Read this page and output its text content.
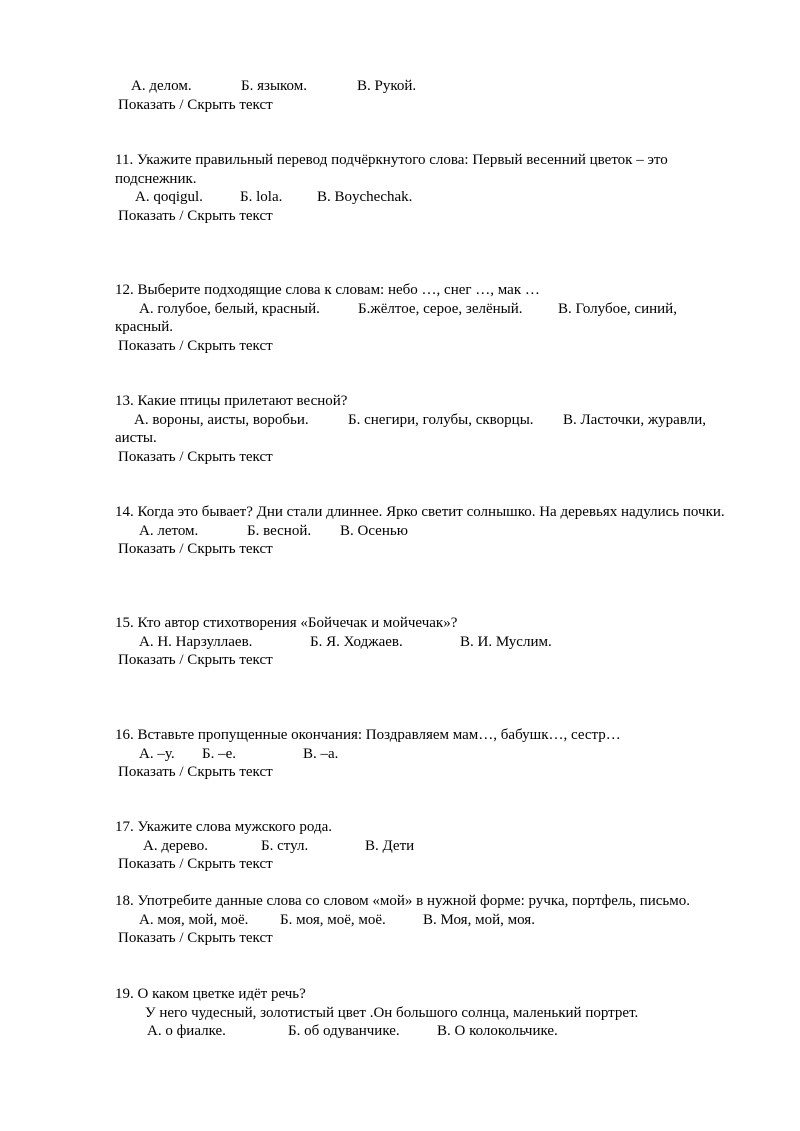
А. делом.	Б. языком.	В. Рукой.
Показать / Скрыть текст

11. Укажите правильный перевод подчёркнутого слова: Первый весенний цветок – это подснежник.

А. qoqigul. Б. lola. В. Boychechak.
Показать / Скрыть текст

12. Выберите подходящие слова к словам: небо …, снег …, мак …

А. голубое, белый, красный.	Б.жёлтое, серое, зелёный. В. Голубое, синий,

красный.

Показать / Скрыть текст

13. Какие птицы прилетают весной?

А. вороны, аисты, воробьи.	Б. снегири, голубы, скворцы. В. Ласточки, журавли,

аисты.

Показать / Скрыть текст

14. Когда это бывает? Дни стали длиннее. Ярко светит солнышко. На деревьях надулись почки.

А. летом.	Б. весной. В. Осенью
Показать / Скрыть текст

15. Кто автор стихотворения «Бойчечак и мойчечак»?

А. Н. Нарзуллаев.	Б. Я. Ходжаев.	В. И. Муслим.
Показать / Скрыть текст

16. Вставьте пропущенные окончания: Поздравляем мам…, бабушк…, сестр…

А. –у. Б. –е.	В. –а.
Показать / Скрыть текст

17. Укажите слова мужского рода.

А. дерево.	Б. стул.	В. Дети
Показать / Скрыть текст

18. Употребите данные слова со словом «мой» в нужной форме: ручка, портфель, письмо.

А. моя, мой, моё. Б. моя, моё, моё. В. Моя, мой, моя.
Показать / Скрыть текст

19. О каком цветке идёт речь?

У него чудесный, золотистый цвет .Он большого солнца, маленький портрет.

А. о фиалке.	Б. об одуванчике. В. О колокольчике.
